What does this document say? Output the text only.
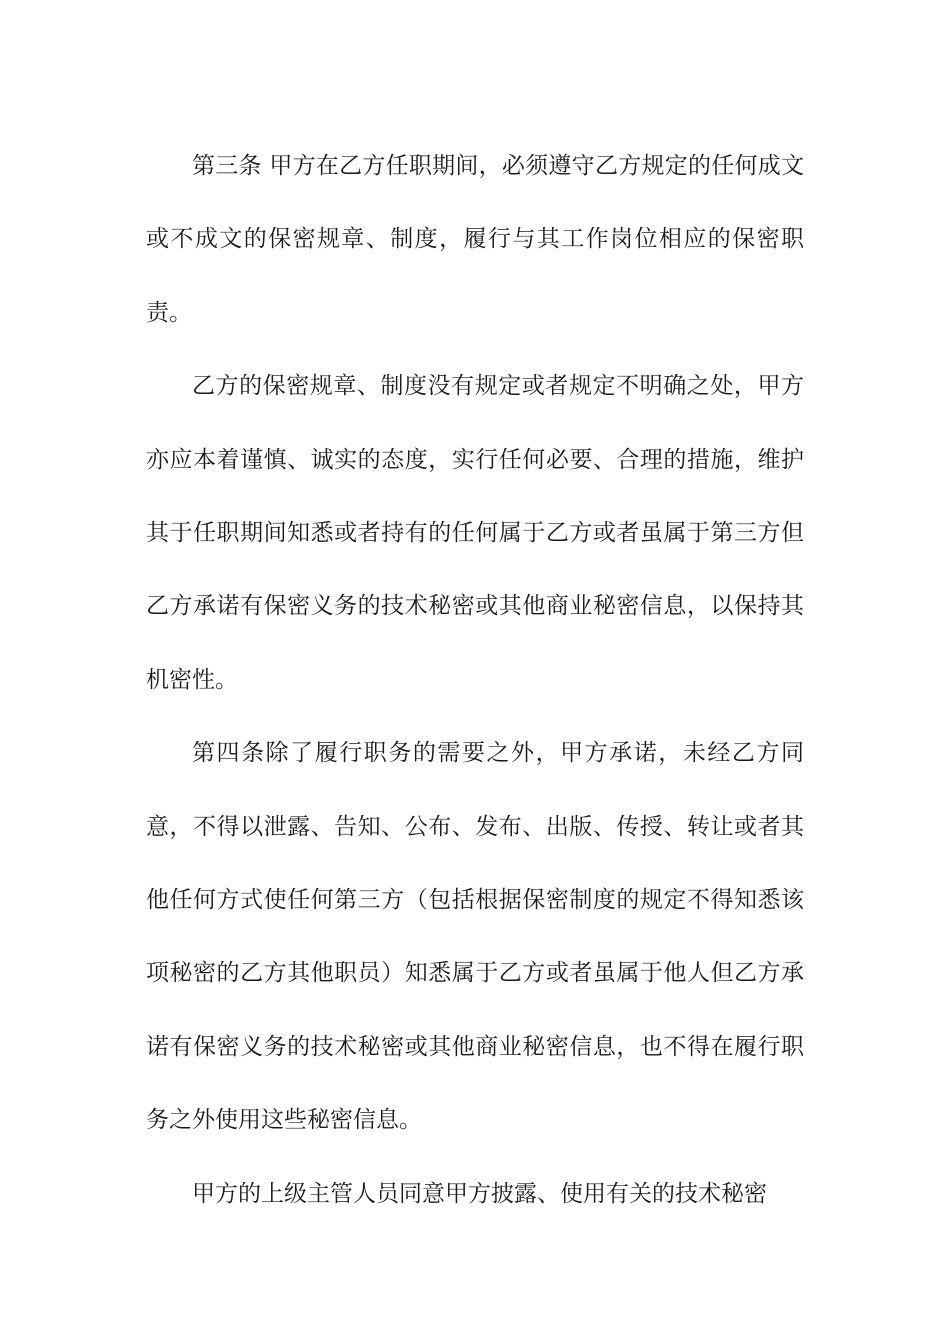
第三条 甲方在乙方任职期间，必须遵守乙方规定的任何成文或不成文的保密规章、制度，履行与其工作岗位相应的保密职责。

乙方的保密规章、制度没有规定或者规定不明确之处，甲方亦应本着谨慎、诚实的态度，实行任何必要、合理的措施，维护其于任职期间知悉或者持有的任何属于乙方或者虽属于第三方但乙方承诺有保密义务的技术秘密或其他商业秘密信息，以保持其机密性。

第四条除了履行职务的需要之外，甲方承诺，未经乙方同意，不得以泄露、告知、公布、发布、出版、传授、转让或者其他任何方式使任何第三方（包括根据保密制度的规定不得知悉该项秘密的乙方其他职员）知悉属于乙方或者虽属于他人但乙方承诺有保密义务的技术秘密或其他商业秘密信息，也不得在履行职务之外使用这些秘密信息。

甲方的上级主管人员同意甲方披露、使用有关的技术秘密
